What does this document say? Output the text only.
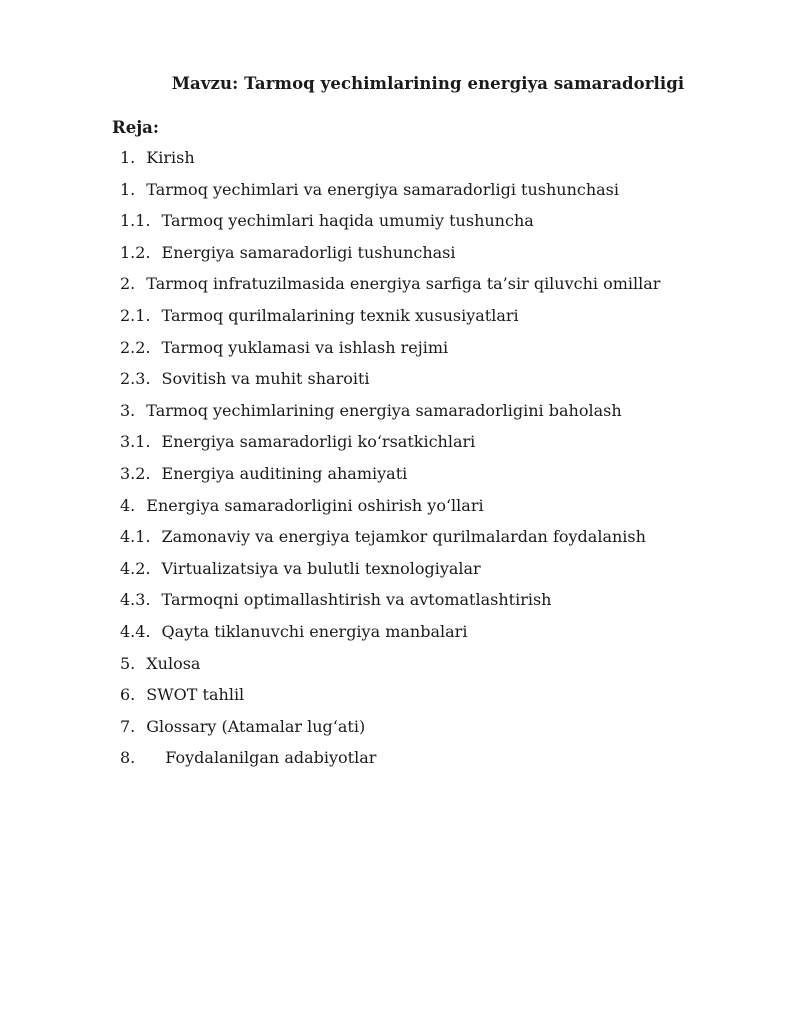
Mavzu: Tarmoq yechimlarining energiya samaradorligi
Reja:
1. Kirish
1. Tarmoq yechimlari va energiya samaradorligi tushunchasi
1.1. Tarmoq yechimlari haqida umumiy tushuncha
1.2. Energiya samaradorligi tushunchasi
2. Tarmoq infratuzilmasida energiya sarfiga ta’sir qiluvchi omillar
2.1. Tarmoq qurilmalarining texnik xususiyatlari
2.2. Tarmoq yuklamasi va ishlash rejimi
2.3. Sovitish va muhit sharoiti
3. Tarmoq yechimlarining energiya samaradorligini baholash
3.1. Energiya samaradorligi ko‘rsatkichlari
3.2. Energiya auditining ahamiyati
4. Energiya samaradorligini oshirish yo‘llari
4.1. Zamonaviy va energiya tejamkor qurilmalardan foydalanish
4.2. Virtualizatsiya va bulutli texnologiyalar
4.3. Tarmoqni optimallashtirish va avtomatlashtirish
4.4. Qayta tiklanuvchi energiya manbalari
5. Xulosa
6. SWOT tahlil
7. Glossary (Atamalar lug‘ati)
8. Foydalanilgan adabiyotlar
